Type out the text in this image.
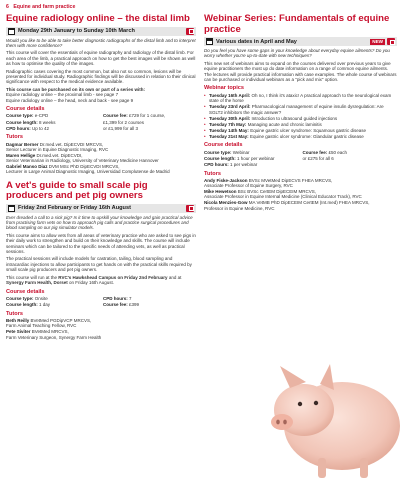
6 Equine and farm practice
Equine radiology online – the distal limb
Monday 29th January to Sunday 10th March

Would you like to be able to take better diagnostic radiographs of the distal limb and to interpret them with more confidence?

This course will cover the essentials of equine radiography and radiology of the distal limb. For each area of the limb, a practical approach on how to get the best images will be shown as well as how to optimise the quality of the images.

Radiographic cases covering the most common, but also not so common, lesions will be presented for individual study. Radiographic findings will be discussed in relation to their clinical significance with respect to the medical evidence available.

This course can be purchased on its own or part of a series with:

Equine radiology online – the proximal limb - see page 7

Equine radiology online – the head, neck and back - see page 9

Course details
Course type: e-CPD	Course fee: £729 for 1 course,
Course length: 8 weeks	£1,399 for 2 courses
CPD hours: Up to 42	or £1,999 for all 3
Tutors
Dagmar Berner Dr.med.vet. DipECVDI MRCVS,
Senior Lecturer in Equine Diagnostic Imaging, RVC
Maren Hellige Dr.med.vet. DipECVDI,
Senior Veterinarian in Radiology, University of Veterinary Medicine Hannover
Gabriel Manso Diaz DVM MSc PhD DipECVDI MRCVS,
Lecturer in Large Animal Diagnostic Imaging, Universidad Complutense de Madrid
A vet's guide to small scale pig producers and pet pig owners
Friday 2nd February or Friday 16th August

Ever dreaded a call to a sick pig? Is it time to upskill your knowledge and gain practical advice from practising farm vets on how to approach pig calls and practice surgical procedures and blood sampling on our pig simulator models.

This course aims to allow vets from all areas of veterinary practice who are asked to see pigs in their daily work to strengthen and build on their knowledge and skills. The course will include seminars which can be tailored to the specific needs of attending vets, as well as practical sessions.

The practical sessions will include models for castration, tailing, blood sampling and intracardiac injections to allow participants to get hands on with the practical skills required by small scale pig producers and pet pig owners.

This course will run at the RVC's Hawkshead Campus on Friday 2nd February and at Synergy Farm Health, Dorset on Friday 16th August.

Course details
Course type: Onsite	CPD hours: 7
Course length: 1 day	Course fee: £399
Tutors
Beth Reilly BVetMed PGDipVCP MRCVS,
Farm Animal Teaching Fellow, RVC
Pete Siviter BVetMed MRCVS,
Farm Veterinary Surgeon, Synergy Farm Health
Webinar Series: Fundamentals of equine practice
Various dates in April and May	NEW

Do you feel you have some gaps in your knowledge about everyday equine ailments? Do you worry whether you're up-to-date with new techniques?

This new set of webinars aims to expand on the courses delivered over previous years to give equine practitioners the most up do date information on a range of common equine ailments. The lectures will provide practical information with case examples. The whole course of webinars can be purchased or individual webinars as a "pick and mix" option.

Webinar topics
• Tuesday 16th April: Oh no, I think it's ataxic! A practical approach to the neurological exam state of the horse
• Tuesday 23rd April: Pharmacological management of equine insulin dysregulation: Are SGLT2 inhibitors the magic answer?
• Tuesday 30th April: Introduction to ultrasound guided injections
• Tuesday 7th May: Managing acute and chronic laminitis
• Tuesday 14th May: Equine gastric ulcer syndrome: Squamous gastric disease
• Tuesday 21st May: Equine gastric ulcer syndrome: Glandular gastric disease
Course details
Course type: Webinar	Course fee: £50 each
Course length: 1 hour per webinar	or £275 for all 6
CPD hours: 1 per webinar
Tutors
Andy Fiske-Jackson BVSc MVetMed DipECVS FHEA MRCVS,
Associate Professor of Equine Surgery, RVC
Mike Hewetson BSc BVSc CertEM DipECEIM MRCVS,
Associate Professor in Equine Internal Medicine (Clinical Educator Track), RVC
Nicola Menzies-Gow MA VetMB PhD DipECEIM CertEM (Int.med) FHEA MRCVS,
Professor in Equine Medicine, RVC
